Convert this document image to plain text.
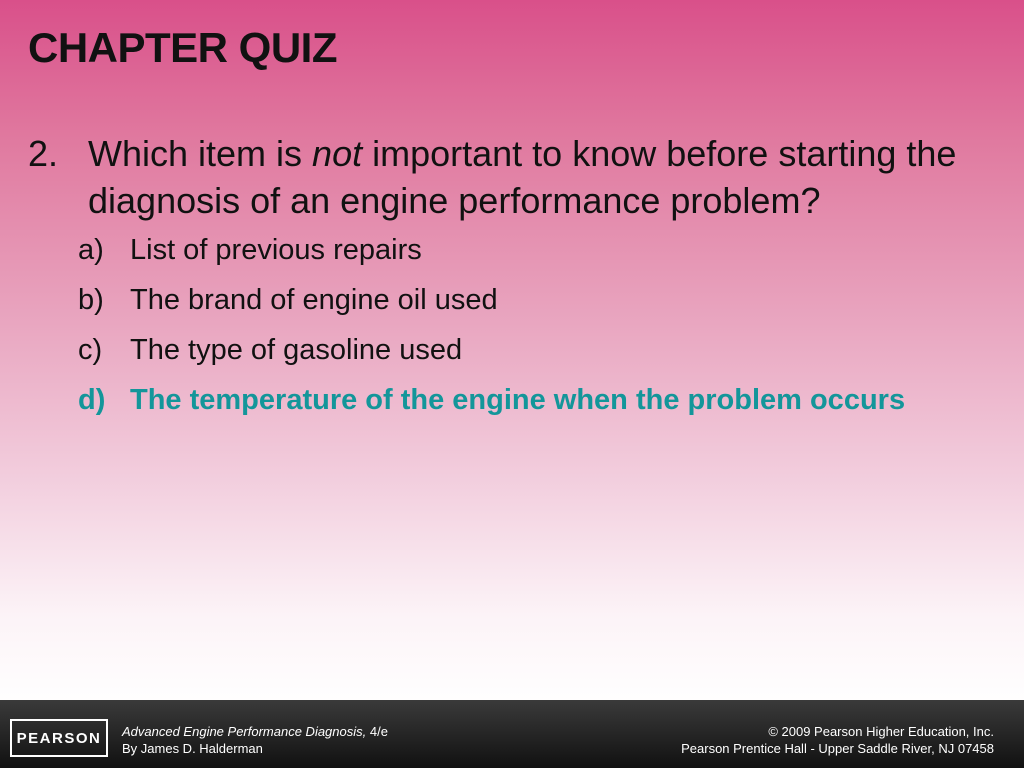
CHAPTER QUIZ
2. Which item is not important to know before starting the diagnosis of an engine performance problem?
a) List of previous repairs
b) The brand of engine oil used
c) The type of gasoline used
d) The temperature of the engine when the problem occurs
PEARSON	Advanced Engine Performance Diagnosis, 4/e
By James D. Halderman
© 2009 Pearson Higher Education, Inc.
Pearson Prentice Hall - Upper Saddle River, NJ 07458
